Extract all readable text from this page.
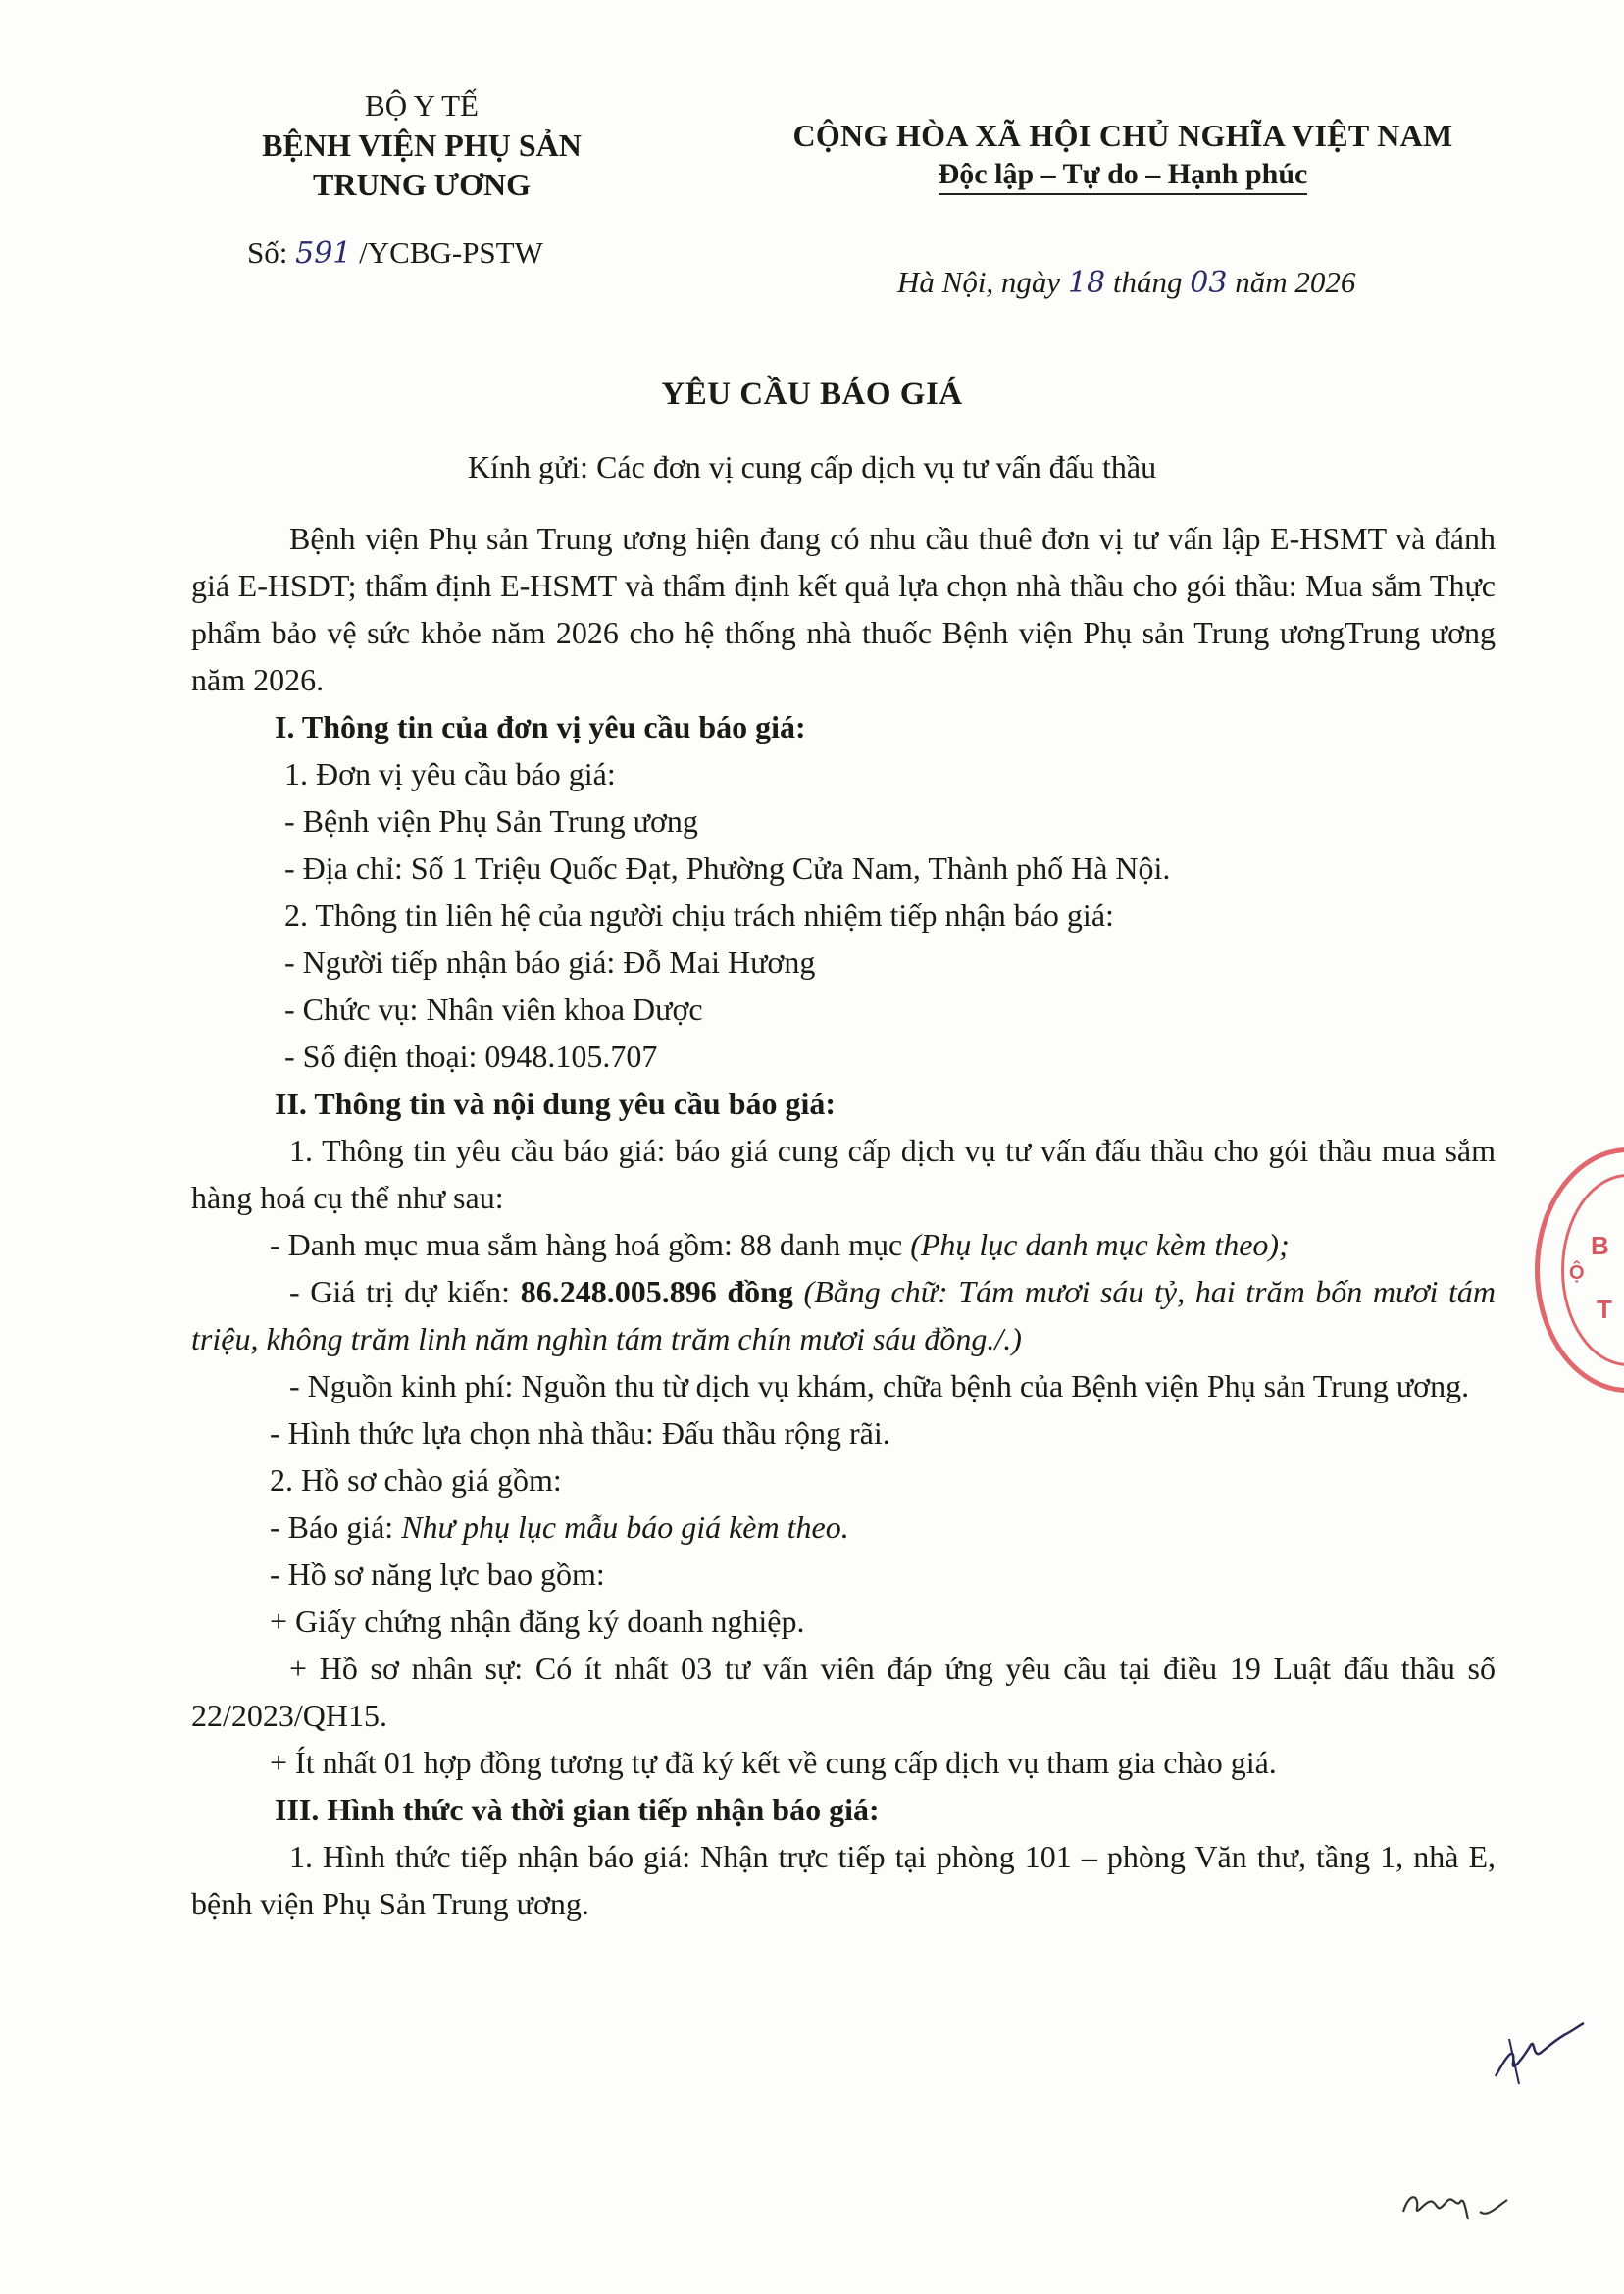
BỘ Y TẾ
BỆNH VIỆN PHỤ SẢN
TRUNG ƯƠNG
Số: 591 /YCBG-PSTW
CỘNG HÒA XÃ HỘI CHỦ NGHĨA VIỆT NAM
Độc lập – Tự do – Hạnh phúc
Hà Nội, ngày 18 tháng 03 năm 2026
YÊU CẦU BÁO GIÁ
Kính gửi: Các đơn vị cung cấp dịch vụ tư vấn đấu thầu

Bệnh viện Phụ sản Trung ương hiện đang có nhu cầu thuê đơn vị tư vấn lập E-HSMT và đánh giá E-HSDT; thẩm định E-HSMT và thẩm định kết quả lựa chọn nhà thầu cho gói thầu: Mua sắm Thực phẩm bảo vệ sức khỏe năm 2026 cho hệ thống nhà thuốc Bệnh viện Phụ sản Trung ươngTrung ương năm 2026.

I. Thông tin của đơn vị yêu cầu báo giá:

1. Đơn vị yêu cầu báo giá:

- Bệnh viện Phụ Sản Trung ương

- Địa chỉ: Số 1 Triệu Quốc Đạt, Phường Cửa Nam, Thành phố Hà Nội.

2. Thông tin liên hệ của người chịu trách nhiệm tiếp nhận báo giá:

- Người tiếp nhận báo giá: Đỗ Mai Hương

- Chức vụ: Nhân viên khoa Dược

- Số điện thoại: 0948.105.707

II. Thông tin và nội dung yêu cầu báo giá:

1. Thông tin yêu cầu báo giá: báo giá cung cấp dịch vụ tư vấn đấu thầu cho gói thầu mua sắm hàng hoá cụ thể như sau:

- Danh mục mua sắm hàng hoá gồm: 88 danh mục (Phụ lục danh mục kèm theo);

- Giá trị dự kiến: 86.248.005.896 đồng (Bằng chữ: Tám mươi sáu tỷ, hai trăm bốn mươi tám triệu, không trăm linh năm nghìn tám trăm chín mươi sáu đồng./.)

- Nguồn kinh phí: Nguồn thu từ dịch vụ khám, chữa bệnh của Bệnh viện Phụ sản Trung ương.

- Hình thức lựa chọn nhà thầu: Đấu thầu rộng rãi.

2. Hồ sơ chào giá gồm:

- Báo giá: Như phụ lục mẫu báo giá kèm theo.

- Hồ sơ năng lực bao gồm:

+ Giấy chứng nhận đăng ký doanh nghiệp.

+ Hồ sơ nhân sự: Có ít nhất 03 tư vấn viên đáp ứng yêu cầu tại điều 19 Luật đấu thầu số 22/2023/QH15.

+ Ít nhất 01 hợp đồng tương tự đã ký kết về cung cấp dịch vụ tham gia chào giá.

III. Hình thức và thời gian tiếp nhận báo giá:

1. Hình thức tiếp nhận báo giá: Nhận trực tiếp tại phòng 101 – phòng Văn thư, tầng 1, nhà E, bệnh viện Phụ Sản Trung ương.

B
T
Ộ
